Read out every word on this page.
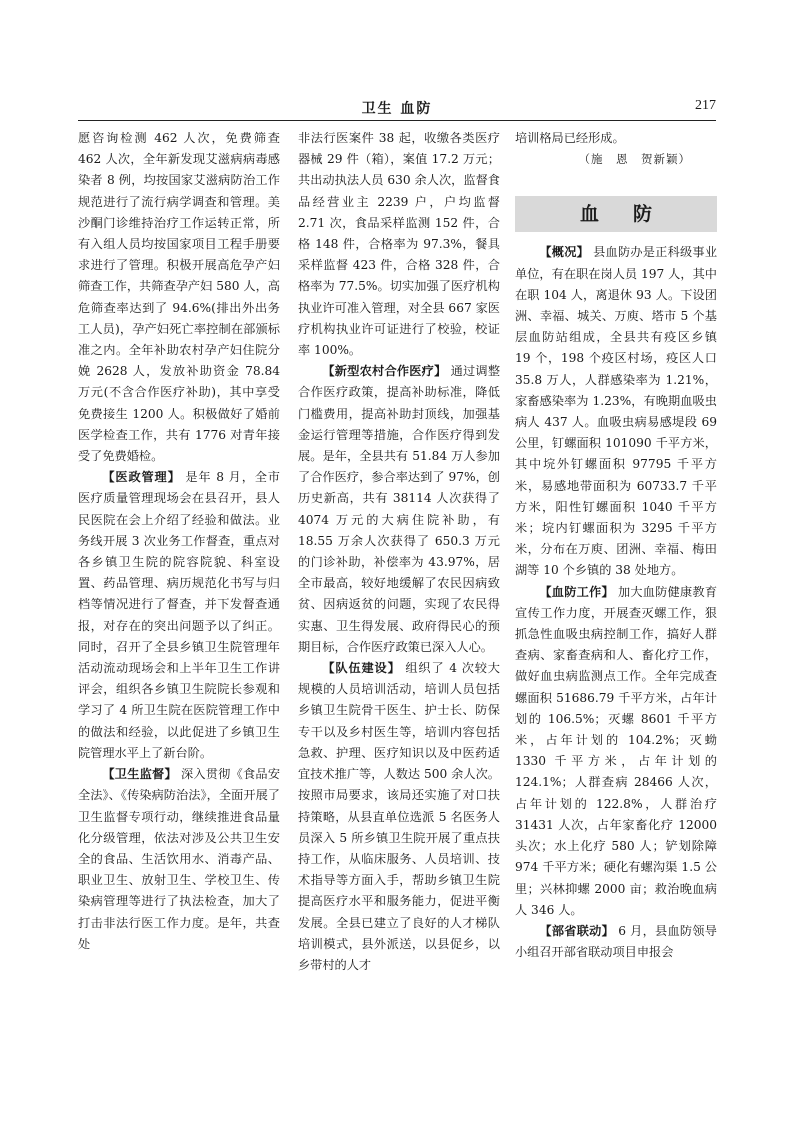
卫生 血防	217

愿咨询检测 462 人次，免费筛查 462 人次，全年新发现艾滋病病毒感染者 8 例，均按国家艾滋病防治工作规范进行了流行病学调查和管理。美沙酮门诊维持治疗工作运转正常，所有入组人员均按国家项目工程手册要求进行了管理。积极开展高危孕产妇筛查工作，共筛查孕产妇 580 人，高危筛查率达到了 94.6%(排出外出务工人员)，孕产妇死亡率控制在部颁标准之内。全年补助农村孕产妇住院分娩 2628 人，发放补助资金 78.84 万元(不含合作医疗补助)，其中享受免费接生 1200 人。积极做好了婚前医学检查工作，共有 1776 对青年接受了免费婚检。

【医政管理】 是年 8 月，全市医疗质量管理现场会在县召开，县人民医院在会上介绍了经验和做法。业务线开展 3 次业务工作督查，重点对各乡镇卫生院的院容院貌、科室设置、药品管理、病历规范化书写与归档等情况进行了督查，并下发督查通报，对存在的突出问题予以了纠正。同时，召开了全县乡镇卫生院管理年活动流动现场会和上半年卫生工作讲评会，组织各乡镇卫生院院长参观和学习了 4 所卫生院在医院管理工作中的做法和经验，以此促进了乡镇卫生院管理水平上了新台阶。

【卫生监督】 深入贯彻《食品安全法》、《传染病防治法》，全面开展了卫生监督专项行动，继续推进食品量化分级管理，依法对涉及公共卫生安全的食品、生活饮用水、消毒产品、职业卫生、放射卫生、学校卫生、传染病管理等进行了执法检查，加大了打击非法行医工作力度。是年，共查处

非法行医案件 38 起，收缴各类医疗器械 29 件（箱），案值 17.2 万元；共出动执法人员 630 余人次，监督食品经营业主 2239 户，户均监督 2.71 次，食品采样监测 152 件，合格 148 件，合格率为 97.3%，餐具采样监督 423 件，合格 328 件，合格率为 77.5%。切实加强了医疗机构执业许可准入管理，对全县 667 家医疗机构执业许可证进行了校验，校证率 100%。

【新型农村合作医疗】 通过调整合作医疗政策，提高补助标准，降低门槛费用，提高补助封顶线，加强基金运行管理等措施，合作医疗得到发展。是年，全县共有 51.84 万人参加了合作医疗，参合率达到了 97%，创历史新高，共有 38114 人次获得了 4074 万元的大病住院补助，有 18.55 万余人次获得了 650.3 万元的门诊补助，补偿率为 43.97%，居全市最高，较好地缓解了农民因病致贫、因病返贫的问题，实现了农民得实惠、卫生得发展、政府得民心的预期目标，合作医疗政策已深入人心。

【队伍建设】 组织了 4 次较大规模的人员培训活动，培训人员包括乡镇卫生院骨干医生、护士长、防保专干以及乡村医生等，培训内容包括急救、护理、医疗知识以及中医药适宜技术推广等，人数达 500 余人次。按照市局要求，该局还实施了对口扶持策略，从县直单位选派 5 名医务人员深入 5 所乡镇卫生院开展了重点扶持工作，从临床服务、人员培训、技术指导等方面入手，帮助乡镇卫生院提高医疗水平和服务能力，促进平衡发展。全县已建立了良好的人才梯队培训模式，县外派送，以县促乡，以乡带村的人才

培训格局已经形成。

（施　恩　贺新颖）

血防

【概况】 县血防办是正科级事业单位，有在职在岗人员 197 人，其中在职 104 人，离退休 93 人。下设团洲、幸福、城关、万庾、塔市 5 个基层血防站组成，全县共有疫区乡镇 19 个，198 个疫区村场，疫区人口 35.8 万人，人群感染率为 1.21%，家畜感染率为 1.23%，有晚期血吸虫病人 437 人。血吸虫病易感堤段 69 公里，钉螺面积 101090 千平方米，其中垸外钉螺面积 97795 千平方米，易感地带面积为 60733.7 千平方米，阳性钉螺面积 1040 千平方米；垸内钉螺面积为 3295 千平方米，分布在万庾、团洲、幸福、梅田湖等 10 个乡镇的 38 处地方。

【血防工作】 加大血防健康教育宣传工作力度，开展查灭螺工作，狠抓急性血吸虫病控制工作，搞好人群查病、家畜查病和人、畜化疗工作，做好血虫病监测点工作。全年完成查螺面积 51686.79 千平方米，占年计划的 106.5%；灭螺 8601 千平方米，占年计划的 104.2%；灭蚴 1330 千平方米，占年计划的 124.1%；人群查病 28466 人次，占年计划的 122.8%，人群治疗 31431 人次，占年家畜化疗 12000 头次；水上化疗 580 人；铲划除障 974 千平方米；硬化有螺沟渠 1.5 公里；兴林抑螺 2000 亩；救治晚血病人 346 人。

【部省联动】 6 月，县血防领导小组召开部省联动项目申报会
